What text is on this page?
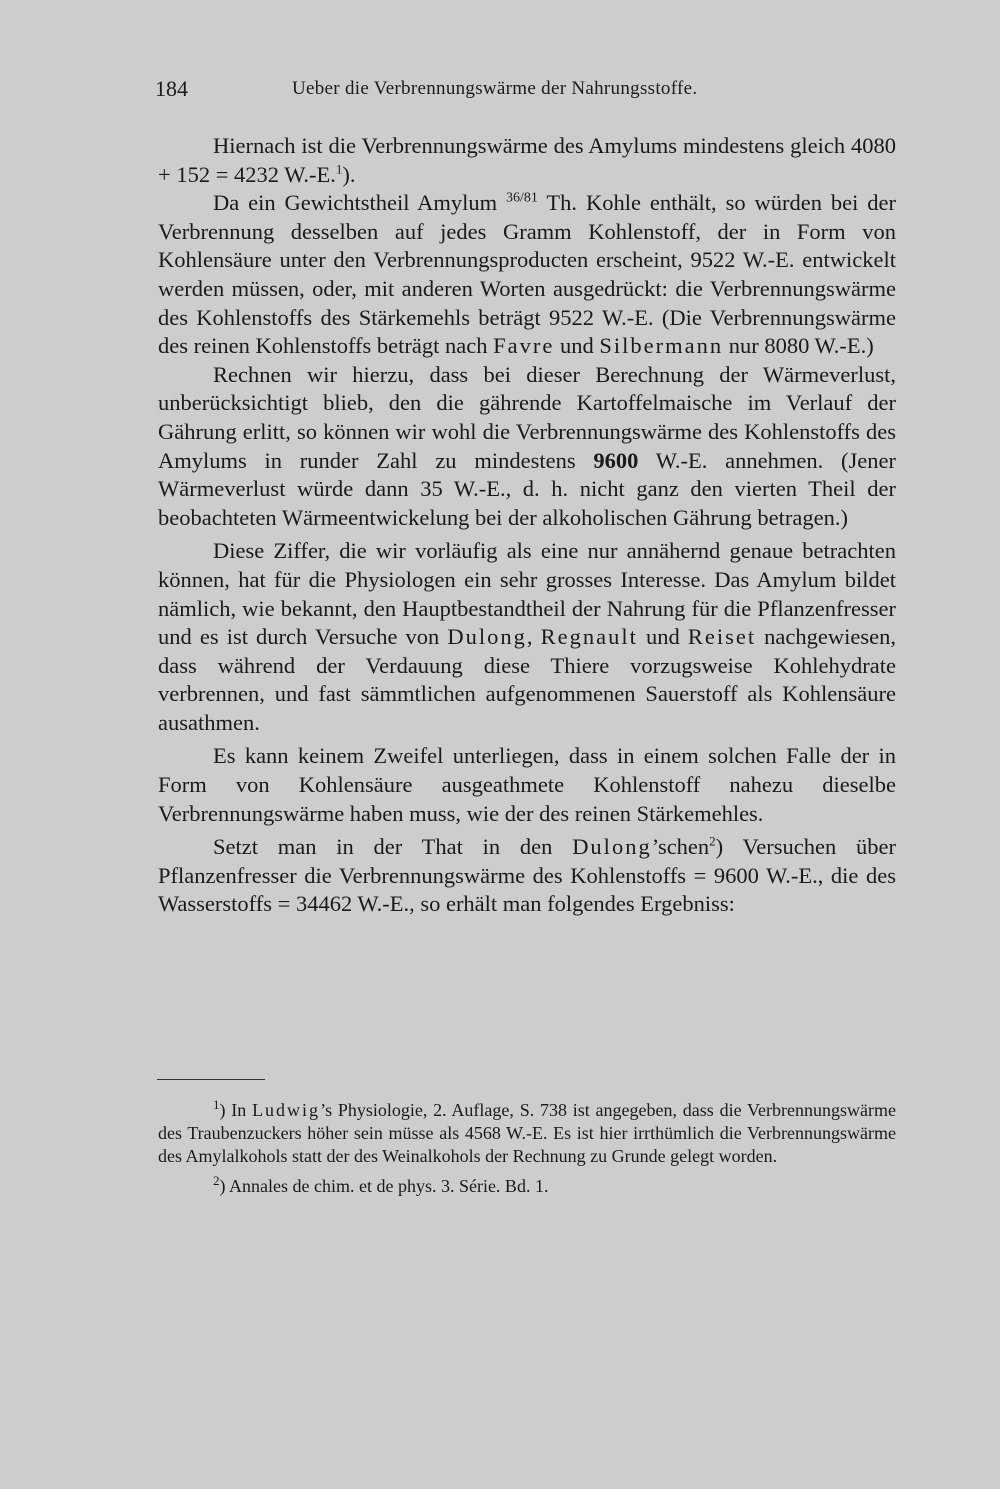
184	Ueber die Verbrennungswärme der Nahrungsstoffe.

Hiernach ist die Verbrennungswärme des Amylums mindestens gleich 4080 + 152 = 4232 W.-E.$^1$).

Da ein Gewichtstheil Amylum $^{36/81}$ Th. Kohle enthält, so würden bei der Verbrennung desselben auf jedes Gramm Kohlenstoff, der in Form von Kohlensäure unter den Verbrennungsproducten erscheint, 9522 W.-E. entwickelt werden müssen, oder, mit anderen Worten ausgedrückt: die Verbrennungswärme des Kohlenstoffs des Stärkemehls beträgt 9522 W.-E. (Die Verbrennungswärme des reinen Kohlenstoffs beträgt nach Favre und Silbermann nur 8080 W.-E.)

Rechnen wir hierzu, dass bei dieser Berechnung der Wärmeverlust, unberücksichtigt blieb, den die gährende Kartoffelmaische im Verlauf der Gährung erlitt, so können wir wohl die Verbrennungswärme des Kohlenstoffs des Amylums in runder Zahl zu mindestens 9600 W.-E. annehmen. (Jener Wärmeverlust würde dann 35 W.-E., d. h. nicht ganz den vierten Theil der beobachteten Wärmeentwickelung bei der alkoholischen Gährung betragen.)

Diese Ziffer, die wir vorläufig als eine nur annähernd genaue betrachten können, hat für die Physiologen ein sehr grosses Interesse. Das Amylum bildet nämlich, wie bekannt, den Hauptbestandtheil der Nahrung für die Pflanzenfresser und es ist durch Versuche von Dulong, Regnault und Reiset nachgewiesen, dass während der Verdauung diese Thiere vorzugsweise Kohlehydrate verbrennen, und fast sämmtlichen aufgenommenen Sauerstoff als Kohlensäure ausathmen.

Es kann keinem Zweifel unterliegen, dass in einem solchen Falle der in Form von Kohlensäure ausgeathmete Kohlenstoff nahezu dieselbe Verbrennungswärme haben muss, wie der des reinen Stärkemehles.

Setzt man in der That in den Dulong’schen$^2$) Versuchen über Pflanzenfresser die Verbrennungswärme des Kohlenstoffs = 9600 W.-E., die des Wasserstoffs = 34462 W.-E., so erhält man folgendes Ergebniss:

$^1$) In Ludwig’s Physiologie, 2. Auflage, S. 738 ist angegeben, dass die Verbrennungswärme des Traubenzuckers höher sein müsse als 4568 W.-E. Es ist hier irrthümlich die Verbrennungswärme des Amylalkohols statt der des Weinalkohols der Rechnung zu Grunde gelegt worden.

$^2$) Annales de chim. et de phys. 3. Série. Bd. 1.
